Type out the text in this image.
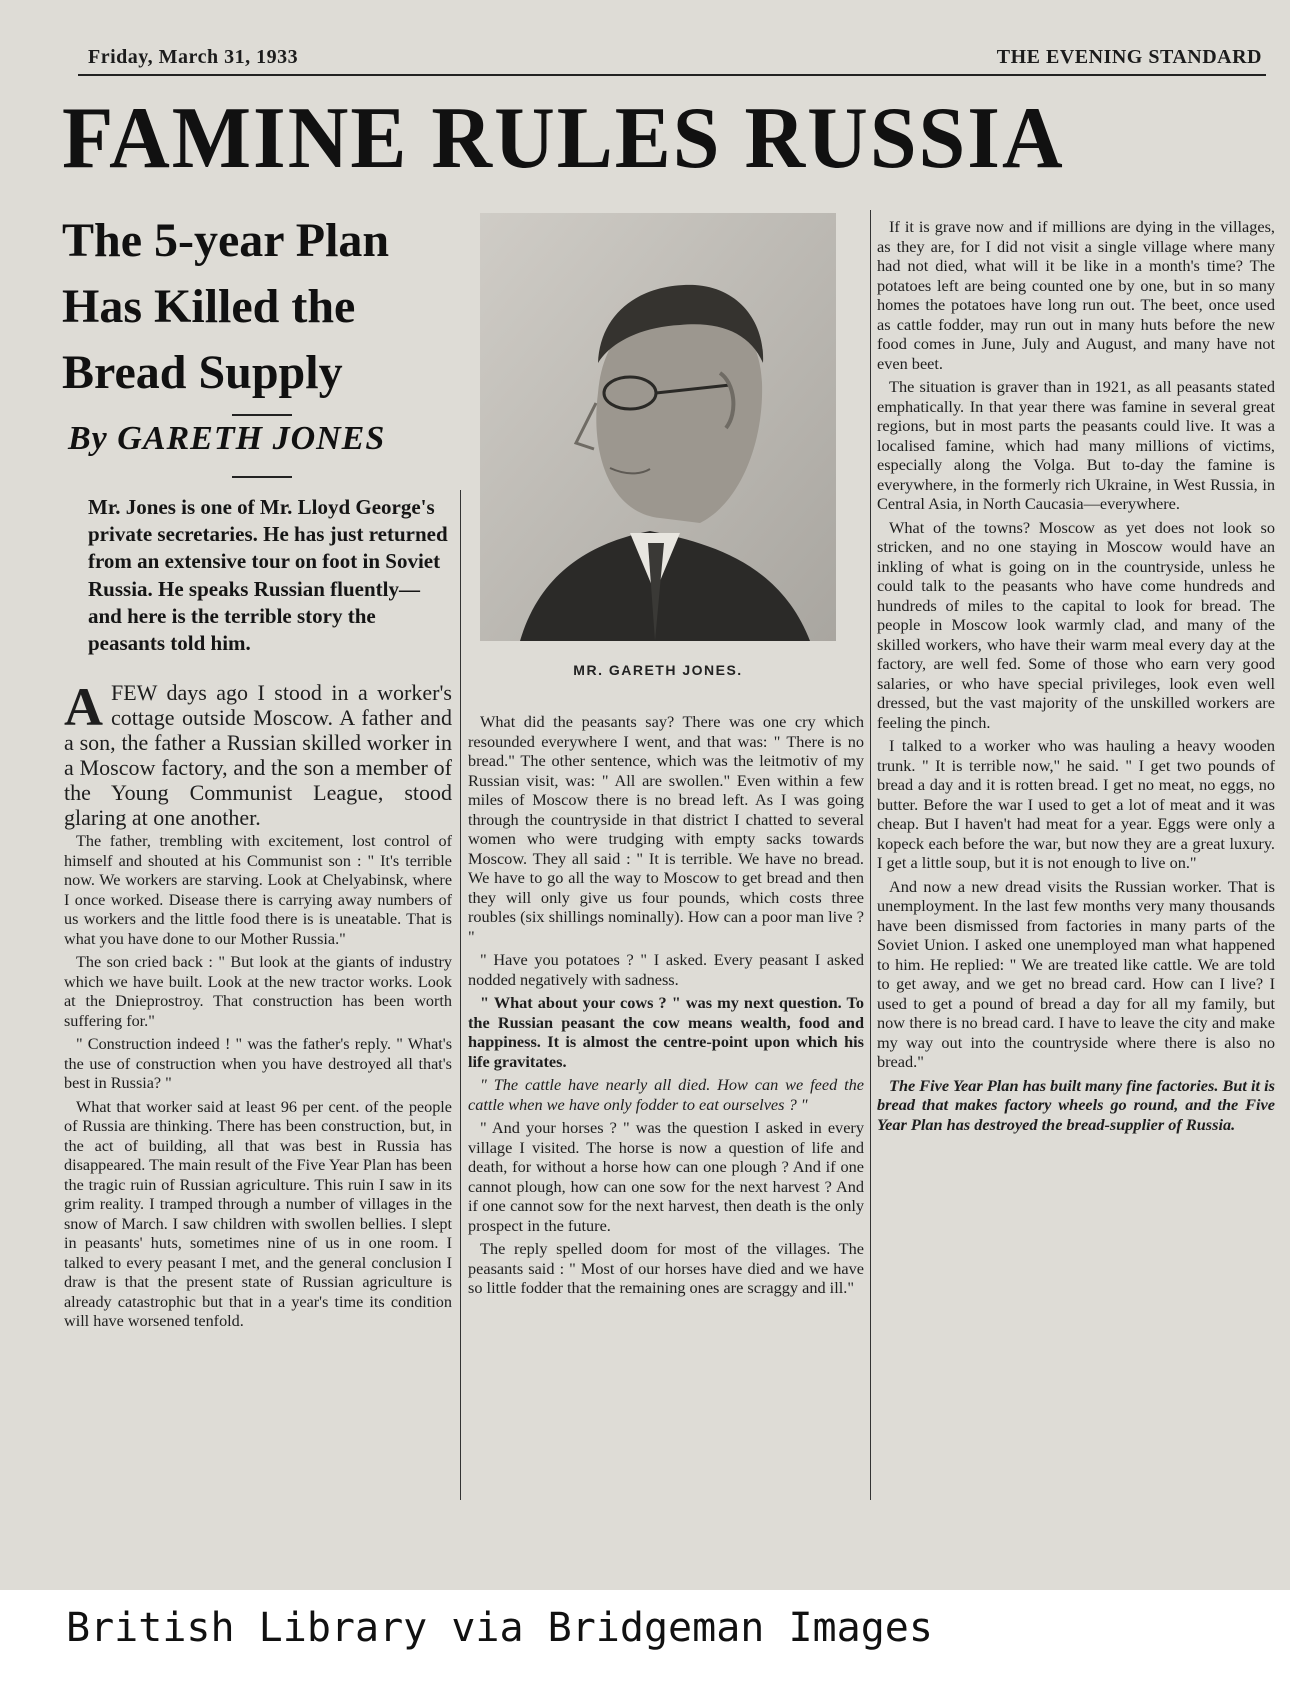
Friday, March 31, 1933	THE EVENING STANDARD
FAMINE RULES RUSSIA
The 5-year Plan
Has Killed the
Bread Supply
By GARETH JONES
Mr. Jones is one of Mr. Lloyd George's private secretaries. He has just returned from an extensive tour on foot in Soviet Russia. He speaks Russian fluently—and here is the terrible story the peasants told him.
MR. GARETH JONES.

AFEW days ago I stood in a worker's cottage outside Moscow. A father and a son, the father a Russian skilled worker in a Moscow factory, and the son a member of the Young Communist League, stood glaring at one another.

The father, trembling with excitement, lost control of himself and shouted at his Communist son : " It's terrible now. We workers are starving. Look at Chelyabinsk, where I once worked. Disease there is carrying away numbers of us workers and the little food there is is uneatable. That is what you have done to our Mother Russia."

The son cried back : " But look at the giants of industry which we have built. Look at the new tractor works. Look at the Dnieprostroy. That construction has been worth suffering for."

" Construction indeed ! " was the father's reply. " What's the use of construction when you have destroyed all that's best in Russia? "

What that worker said at least 96 per cent. of the people of Russia are thinking. There has been construction, but, in the act of building, all that was best in Russia has disappeared. The main result of the Five Year Plan has been the tragic ruin of Russian agriculture. This ruin I saw in its grim reality. I tramped through a number of villages in the snow of March. I saw children with swollen bellies. I slept in peasants' huts, sometimes nine of us in one room. I talked to every peasant I met, and the general conclusion I draw is that the present state of Russian agriculture is already catastrophic but that in a year's time its condition will have worsened tenfold.

What did the peasants say? There was one cry which resounded everywhere I went, and that was: " There is no bread." The other sentence, which was the leitmotiv of my Russian visit, was: " All are swollen." Even within a few miles of Moscow there is no bread left. As I was going through the countryside in that district I chatted to several women who were trudging with empty sacks towards Moscow. They all said : " It is terrible. We have no bread. We have to go all the way to Moscow to get bread and then they will only give us four pounds, which costs three roubles (six shillings nominally). How can a poor man live ? "

" Have you potatoes ? " I asked. Every peasant I asked nodded negatively with sadness.

" What about your cows ? " was my next question. To the Russian peasant the cow means wealth, food and happiness. It is almost the centre-point upon which his life gravitates.

" The cattle have nearly all died. How can we feed the cattle when we have only fodder to eat ourselves ? "

" And your horses ? " was the question I asked in every village I visited. The horse is now a question of life and death, for without a horse how can one plough ? And if one cannot plough, how can one sow for the next harvest ? And if one cannot sow for the next harvest, then death is the only prospect in the future.

The reply spelled doom for most of the villages. The peasants said : " Most of our horses have died and we have so little fodder that the remaining ones are scraggy and ill."

If it is grave now and if millions are dying in the villages, as they are, for I did not visit a single village where many had not died, what will it be like in a month's time? The potatoes left are being counted one by one, but in so many homes the potatoes have long run out. The beet, once used as cattle fodder, may run out in many huts before the new food comes in June, July and August, and many have not even beet.

The situation is graver than in 1921, as all peasants stated emphatically. In that year there was famine in several great regions, but in most parts the peasants could live. It was a localised famine, which had many millions of victims, especially along the Volga. But to-day the famine is everywhere, in the formerly rich Ukraine, in West Russia, in Central Asia, in North Caucasia—everywhere.

What of the towns? Moscow as yet does not look so stricken, and no one staying in Moscow would have an inkling of what is going on in the countryside, unless he could talk to the peasants who have come hundreds and hundreds of miles to the capital to look for bread. The people in Moscow look warmly clad, and many of the skilled workers, who have their warm meal every day at the factory, are well fed. Some of those who earn very good salaries, or who have special privileges, look even well dressed, but the vast majority of the unskilled workers are feeling the pinch.

I talked to a worker who was hauling a heavy wooden trunk. " It is terrible now," he said. " I get two pounds of bread a day and it is rotten bread. I get no meat, no eggs, no butter. Before the war I used to get a lot of meat and it was cheap. But I haven't had meat for a year. Eggs were only a kopeck each before the war, but now they are a great luxury. I get a little soup, but it is not enough to live on."

And now a new dread visits the Russian worker. That is unemployment. In the last few months very many thousands have been dismissed from factories in many parts of the Soviet Union. I asked one unemployed man what happened to him. He replied: " We are treated like cattle. We are told to get away, and we get no bread card. How can I live? I used to get a pound of bread a day for all my family, but now there is no bread card. I have to leave the city and make my way out into the countryside where there is also no bread."

The Five Year Plan has built many fine factories. But it is bread that makes factory wheels go round, and the Five Year Plan has destroyed the bread-supplier of Russia.

British Library via Bridgeman Images
